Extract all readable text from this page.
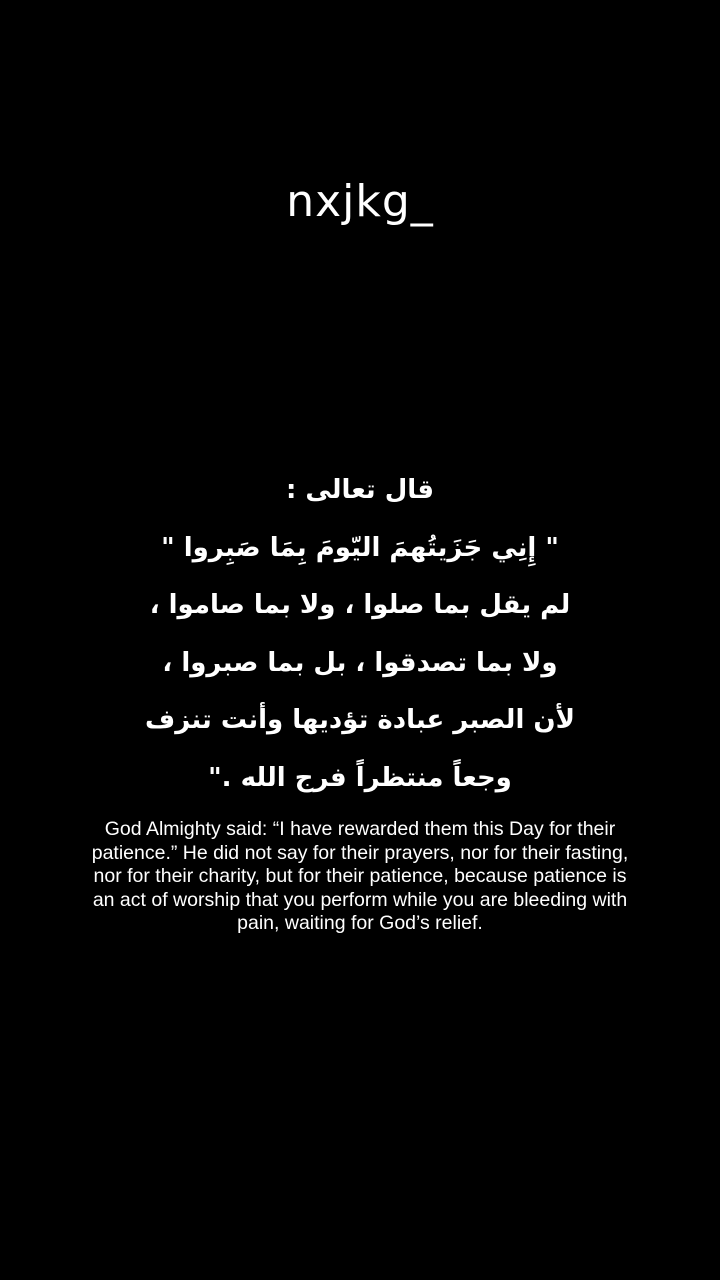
nxjkg_
قال تعالى :
" إِنِي جَزَيتُهمَ اليّومَ بِمَا صَبِروا "
لم يقل بما صلوا ، ولا بما صاموا ،
ولا بما تصدقوا ، بل بما صبروا ،
لأن الصبر عبادة تؤديها وأنت تنزف
وجعاً منتظراً فرج الله ."
God Almighty said: “I have rewarded them this Day for their patience.” He did not say for their prayers, nor for their fasting, nor for their charity, but for their patience, because patience is an act of worship that you perform while you are bleeding with pain, waiting for God’s relief.
